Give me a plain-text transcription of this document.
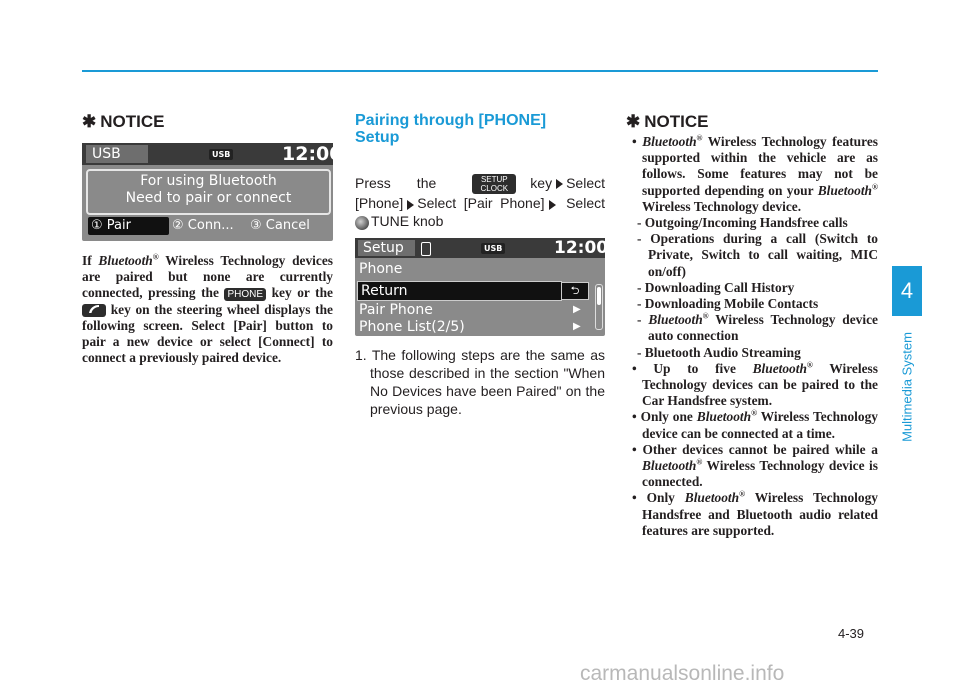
4
Multimedia System
✱ NOTICE
USB	USB	12:00
For using Bluetooth
Need to pair or connect
① Pair	② Conn... ③ Cancel
If Bluetooth® Wireless Technology devices are paired but none are currently connected, pressing the PHONE key or the  key on the steering wheel displays the following screen. Select [Pair] button to pair a new device or select [Connect] to connect a previously paired device.
Pairing through [PHONE] Setup
Press the	SETUP
CLOCK key Select [Phone] Select [Pair Phone] Select TUNE knob
Setup	USB	12:00
Phone
Return	⮌
Pair Phone	▶
Phone List(2/5)	▶
1. The following steps are the same as those described in the section "When No Devices have been Paired" on the previous page.
✱ NOTICE
• Bluetooth® Wireless Technology features supported within the vehicle are as follows. Some features may not be supported depending on your Bluetooth® Wireless Technology device.
- Outgoing/Incoming Handsfree calls
- Operations during a call (Switch to Private, Switch to call waiting, MIC on/off)
- Downloading Call History
- Downloading Mobile Contacts
- Bluetooth® Wireless Technology device auto connection
- Bluetooth Audio Streaming
• Up to five Bluetooth® Wireless Technology devices can be paired to the Car Handsfree system.
• Only one Bluetooth® Wireless Technology device can be connected at a time.
• Other devices cannot be paired while a Bluetooth® Wireless Technology device is connected.
• Only Bluetooth® Wireless Technology Handsfree and Bluetooth audio related features are supported.
4-39
carmanualsonline.info
